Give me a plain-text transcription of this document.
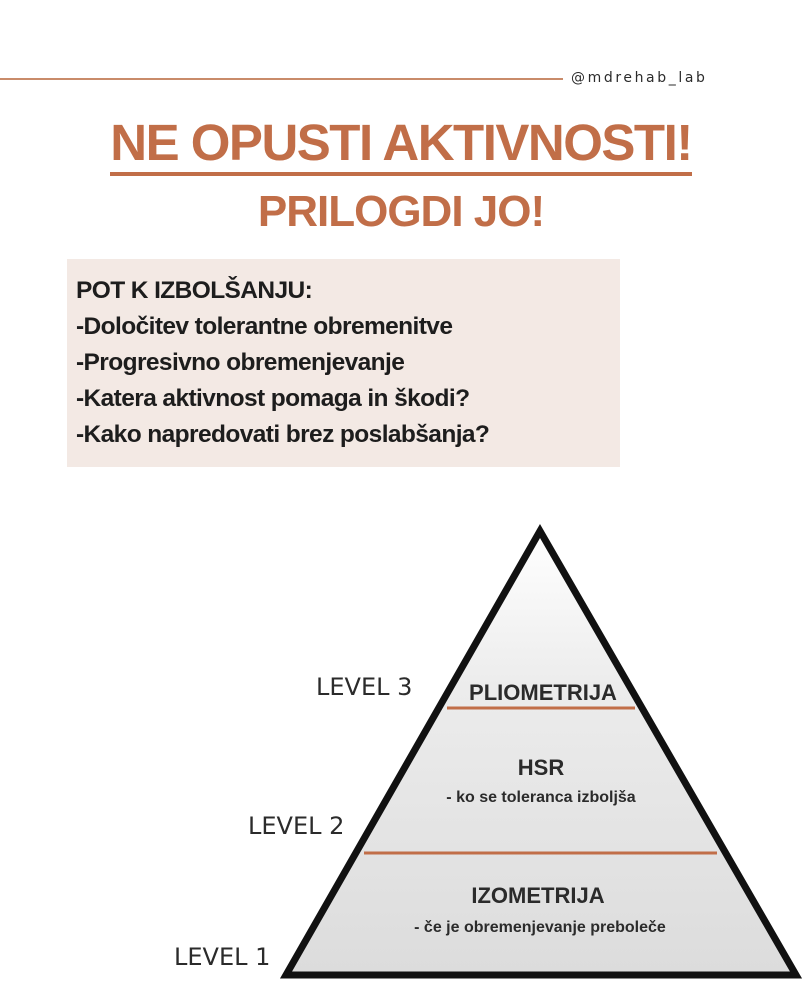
@mdrehab_lab
NE OPUSTI AKTIVNOSTI!
PRILOGDI JO!
POT K IZBOLŠANJU:
-Določitev tolerantne obremenitve
-Progresivno obremenjevanje
-Katera aktivnost pomaga in škodi?
-Kako napredovati brez poslabšanja?
PLIOMETRIJA
HSR
- ko se toleranca izboljša
IZOMETRIJA
- če je obremenjevanje preboleče
LEVEL 3
LEVEL 2
LEVEL 1
